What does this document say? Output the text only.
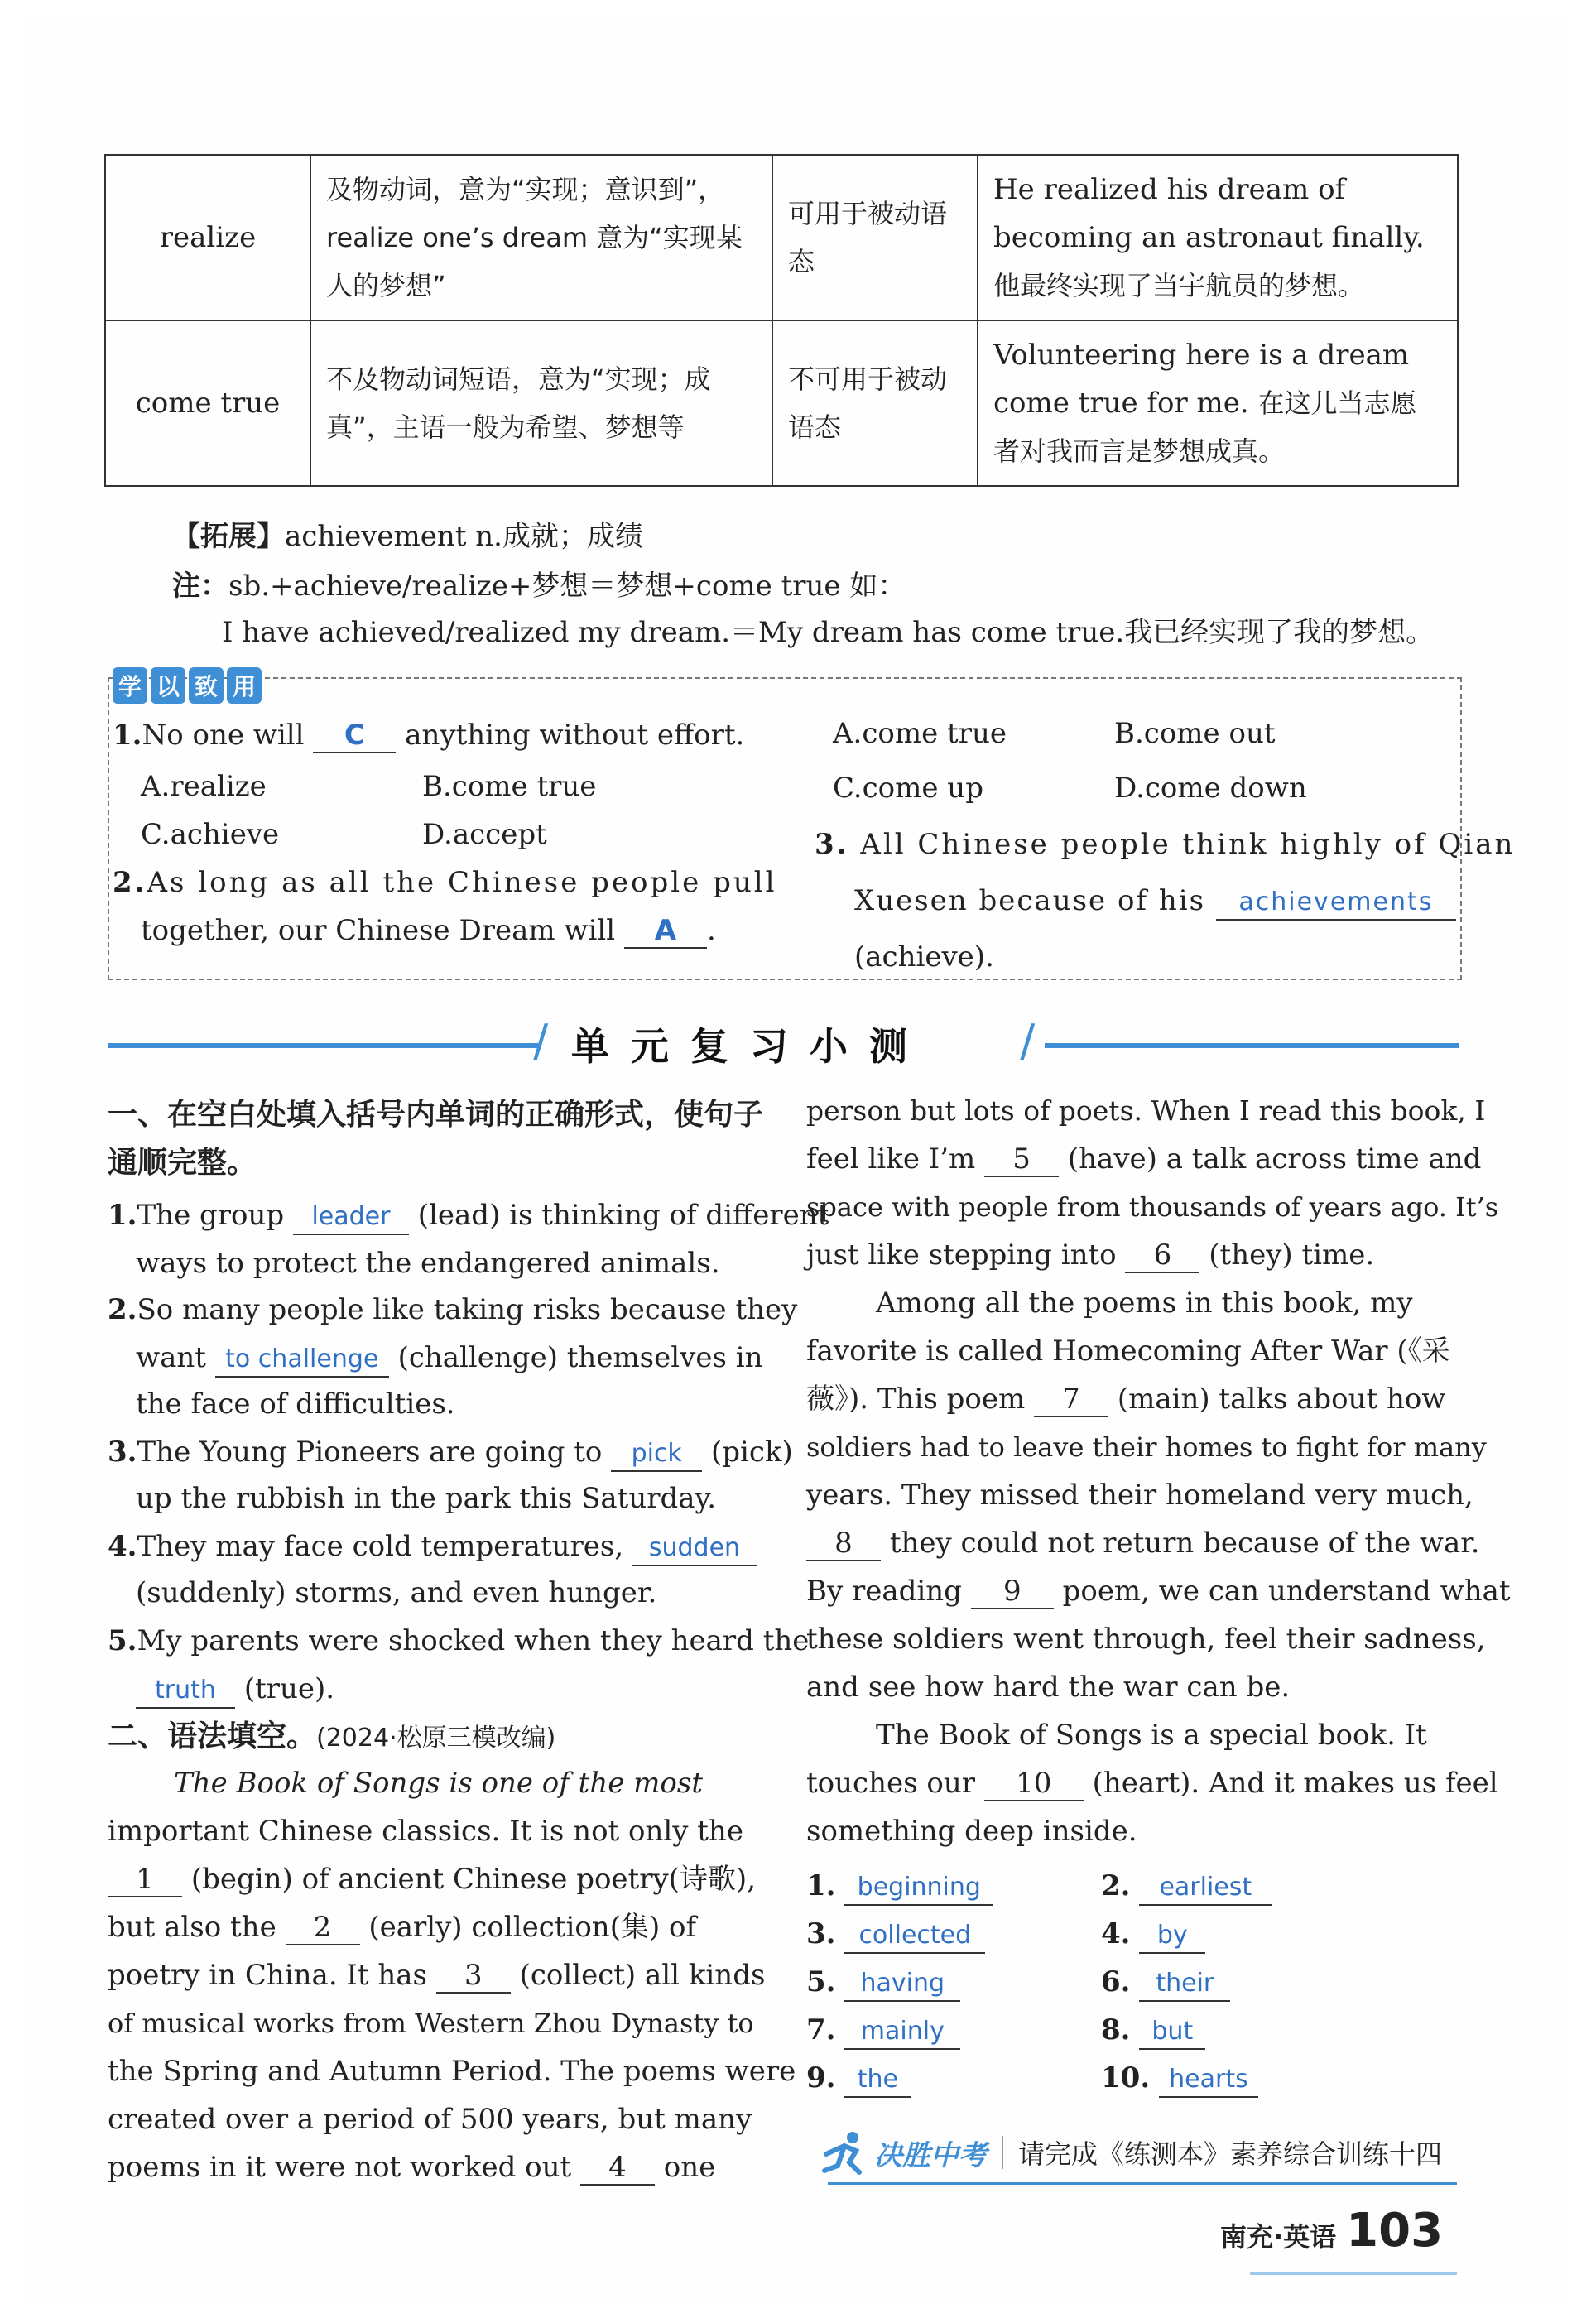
realize	及物动词，意为“实现；意识到”，realize one’s dream 意为“实现某人的梦想”	可用于被动语态	He realized his dream of becoming an astronaut finally.
他最终实现了当宇航员的梦想。
come true	不及物动词短语，意为“实现；成真”，主语一般为希望、梦想等	不可用于被动语态	Volunteering here is a dream come true for me. 在这儿当志愿者对我而言是梦想成真。
【拓展】achievement n.成就；成绩
注：sb.+achieve/realize+梦想＝梦想+come true 如：
I have achieved/realized my dream.＝My dream has come true.我已经实现了我的梦想。
学 以 致 用
1.No one will C anything without effort.
A.realize	B.come true
C.achieve	D.accept
2.As long as all the Chinese people pull
together, our Chinese Dream will A .
A.come true	B.come out
C.come up	D.come down
3. All Chinese people think highly of Qian
Xuesen because of his achievements
(achieve).
/ 单元复习小测 /
一、在空白处填入括号内单词的正确形式，使句子通顺完整。
1.The group leader (lead) is thinking of different
ways to protect the endangered animals.
2.So many people like taking risks because they
want to challenge (challenge) themselves in
the face of difficulties.
3.The Young Pioneers are going to pick (pick)
up the rubbish in the park this Saturday.
4.They may face cold temperatures, sudden
(suddenly) storms, and even hunger.
5.My parents were shocked when they heard the
truth (true).
二、语法填空。(2024·松原三模改编)
The Book of Songs is one of the most
important Chinese classics. It is not only the
1 (begin) of ancient Chinese poetry(诗歌),
but also the 2 (early) collection(集) of
poetry in China. It has 3 (collect) all kinds
of musical works from Western Zhou Dynasty to
the Spring and Autumn Period. The poems were
created over a period of 500 years, but many
poems in it were not worked out 4 one
person but lots of poets. When I read this book, I
feel like I’m 5 (have) a talk across time and
space with people from thousands of years ago. It’s
just like stepping into 6 (they) time.
Among all the poems in this book, my
favorite is called Homecoming After War (《采
薇》). This poem 7 (main) talks about how
soldiers had to leave their homes to fight for many
years. They missed their homeland very much,
8 they could not return because of the war.
By reading 9 poem, we can understand what
these soldiers went through, feel their sadness,
and see how hard the war can be.
The Book of Songs is a special book. It
touches our 10 (heart). And it makes us feel
something deep inside.
1. beginning	2. earliest
3. collected	4. by
5. having	6. their
7. mainly	8. but
9. the	10. hearts
决胜中考 请完成《练测本》素养综合训练十四
南充·英语 103
